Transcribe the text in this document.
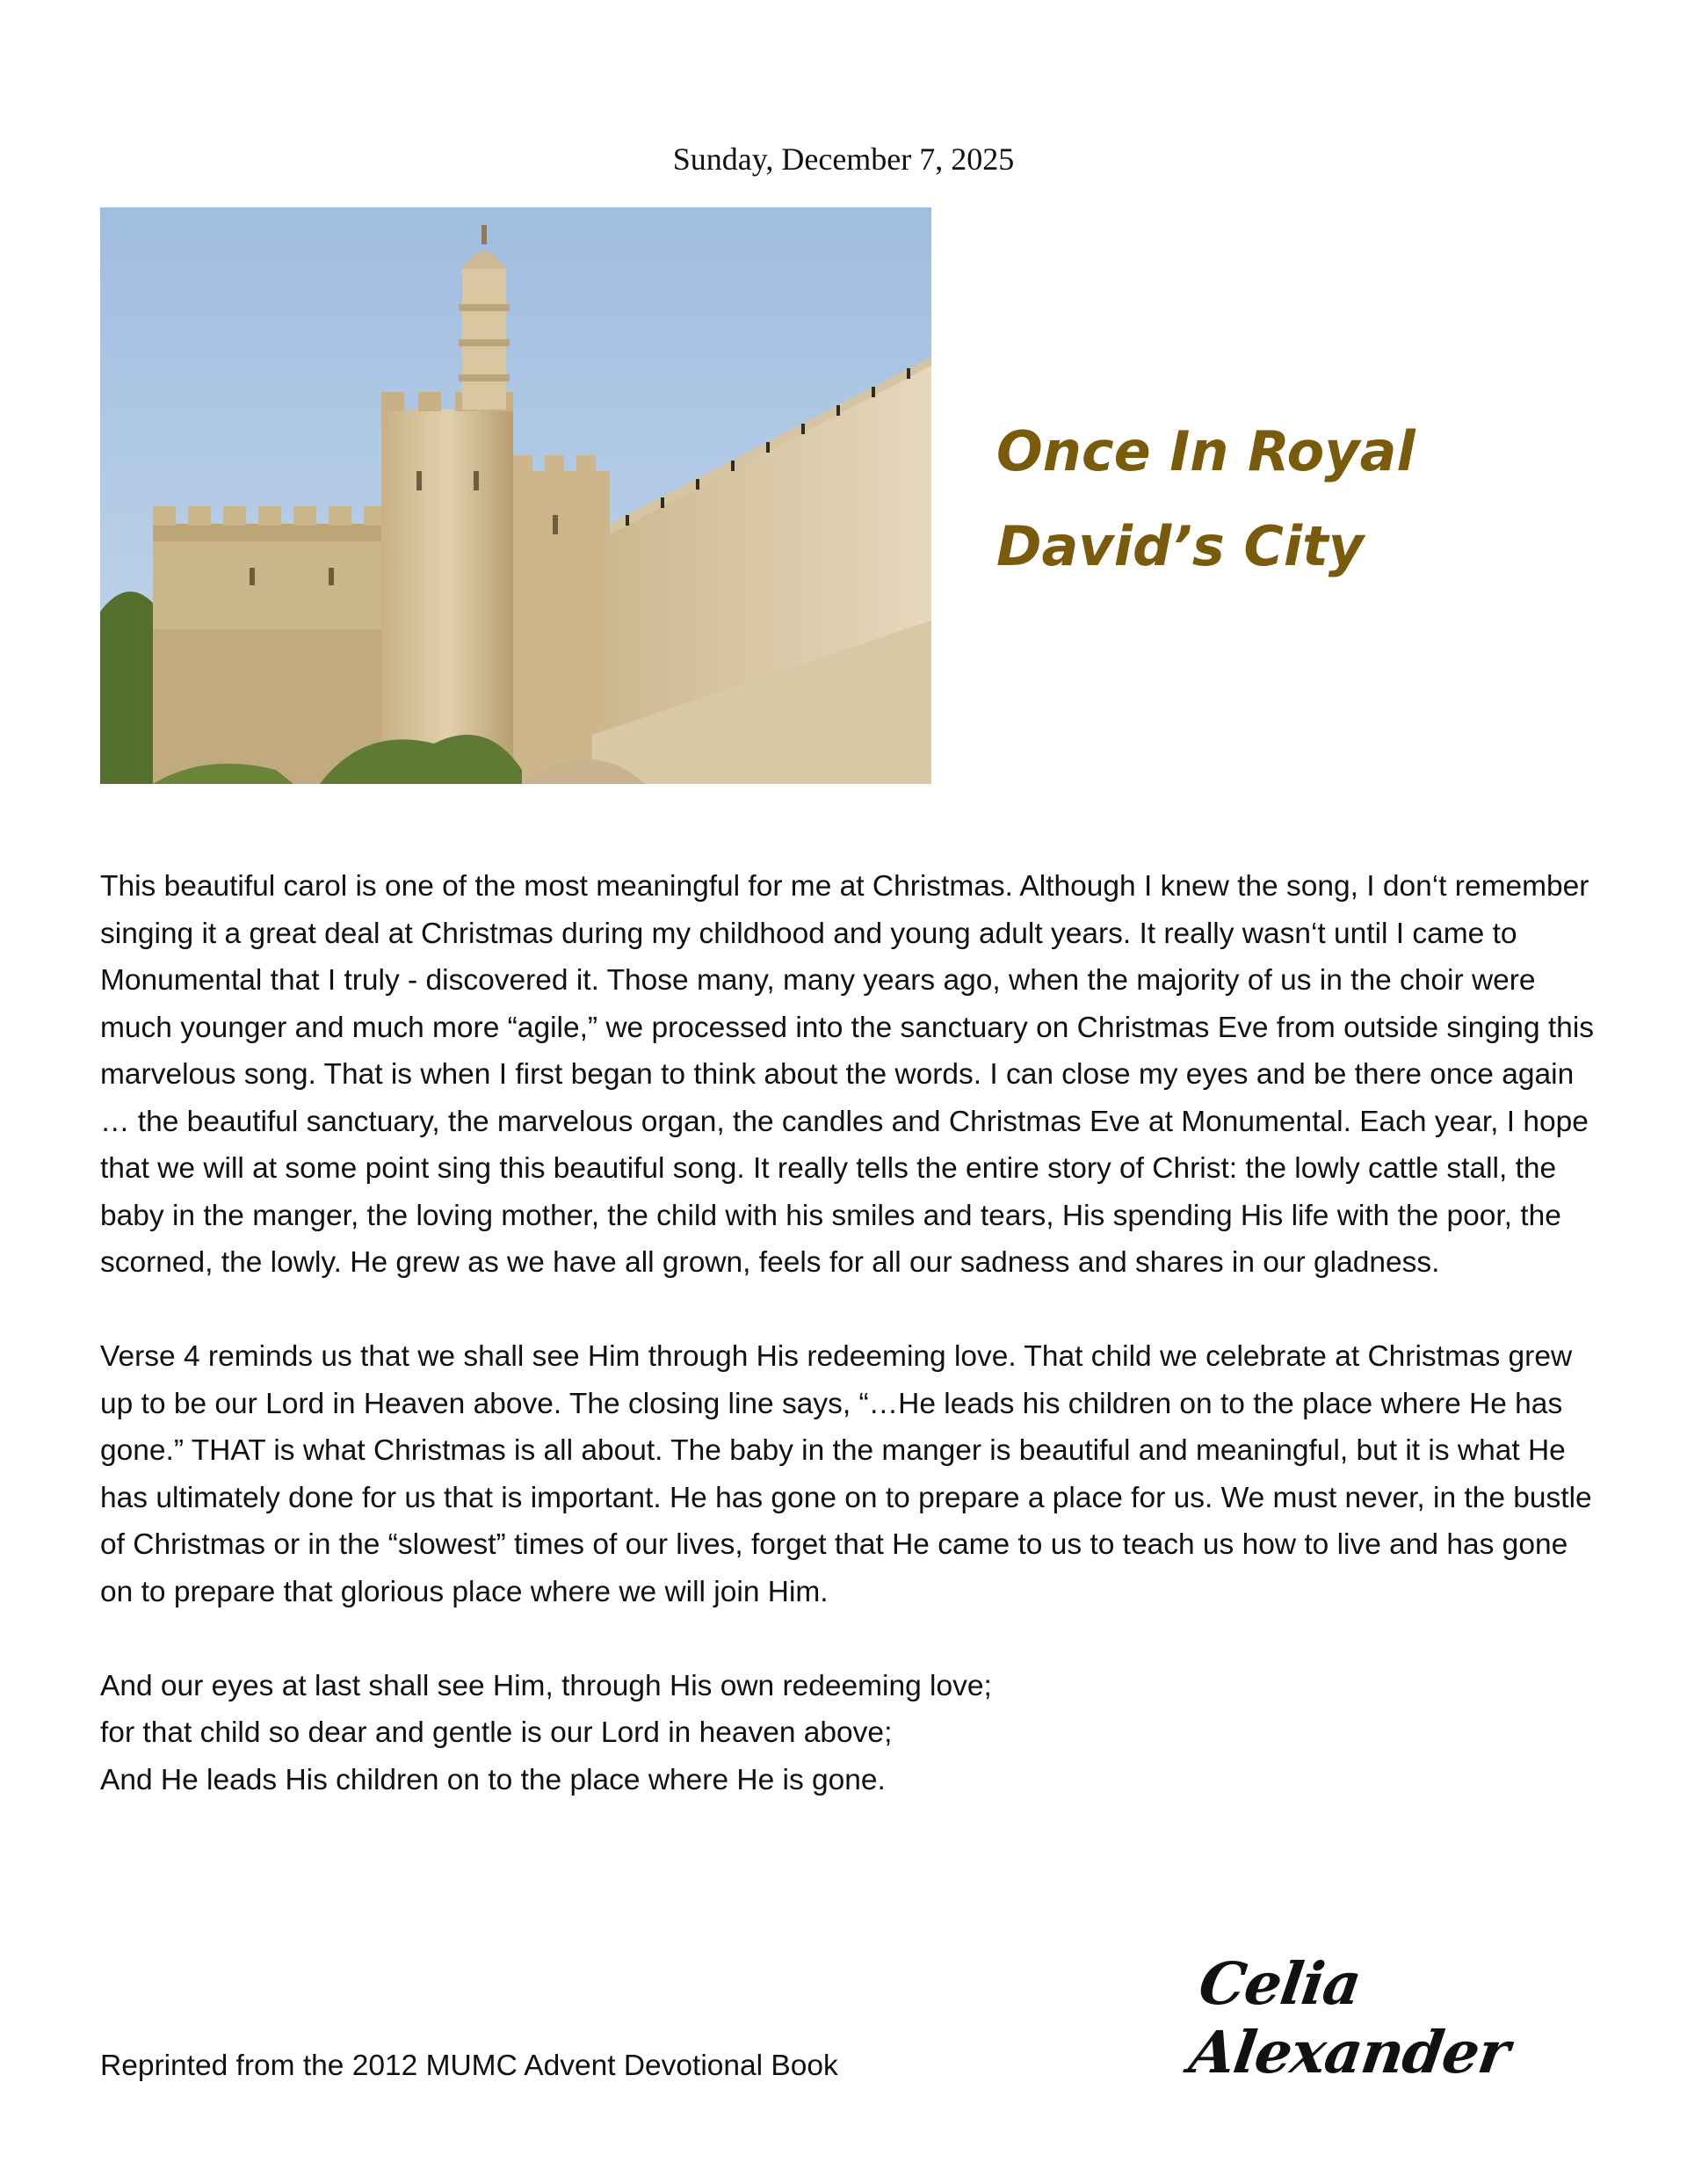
Sunday, December 7, 2025
Once In Royal
David’s City

This beautiful carol is one of the most meaningful for me at Christmas. Although I knew the song, I don‘t remember singing it a great deal at Christmas during my childhood and young adult years. It really wasn‘t until I came to Monumental that I truly - discovered it. Those many, many years ago, when the majority of us in the choir were much younger and much more “agile,” we processed into the sanctuary on Christmas Eve from outside singing this marvelous song. That is when I first began to think about the words. I can close my eyes and be there once again … the beautiful sanctuary, the marvelous organ, the candles and Christmas Eve at Monumental. Each year, I hope that we will at some point sing this beautiful song. It really tells the entire story of Christ: the lowly cattle stall, the baby in the manger, the loving mother, the child with his smiles and tears, His spending His life with the poor, the scorned, the lowly. He grew as we have all grown, feels for all our sadness and shares in our gladness.

Verse 4 reminds us that we shall see Him through His redeeming love. That child we celebrate at Christmas grew up to be our Lord in Heaven above. The closing line says, “…He leads his children on to the place where He has gone.” THAT is what Christmas is all about. The baby in the manger is beautiful and meaningful, but it is what He has ultimately done for us that is important. He has gone on to prepare a place for us. We must never, in the bustle of Christmas or in the “slowest” times of our lives, forget that He came to us to teach us how to live and has gone on to prepare that glorious place where we will join Him.

And our eyes at last shall see Him, through His own redeeming love;
for that child so dear and gentle is our Lord in heaven above;
And He leads His children on to the place where He is gone.
Celia Alexander
Reprinted from the 2012 MUMC Advent Devotional Book
